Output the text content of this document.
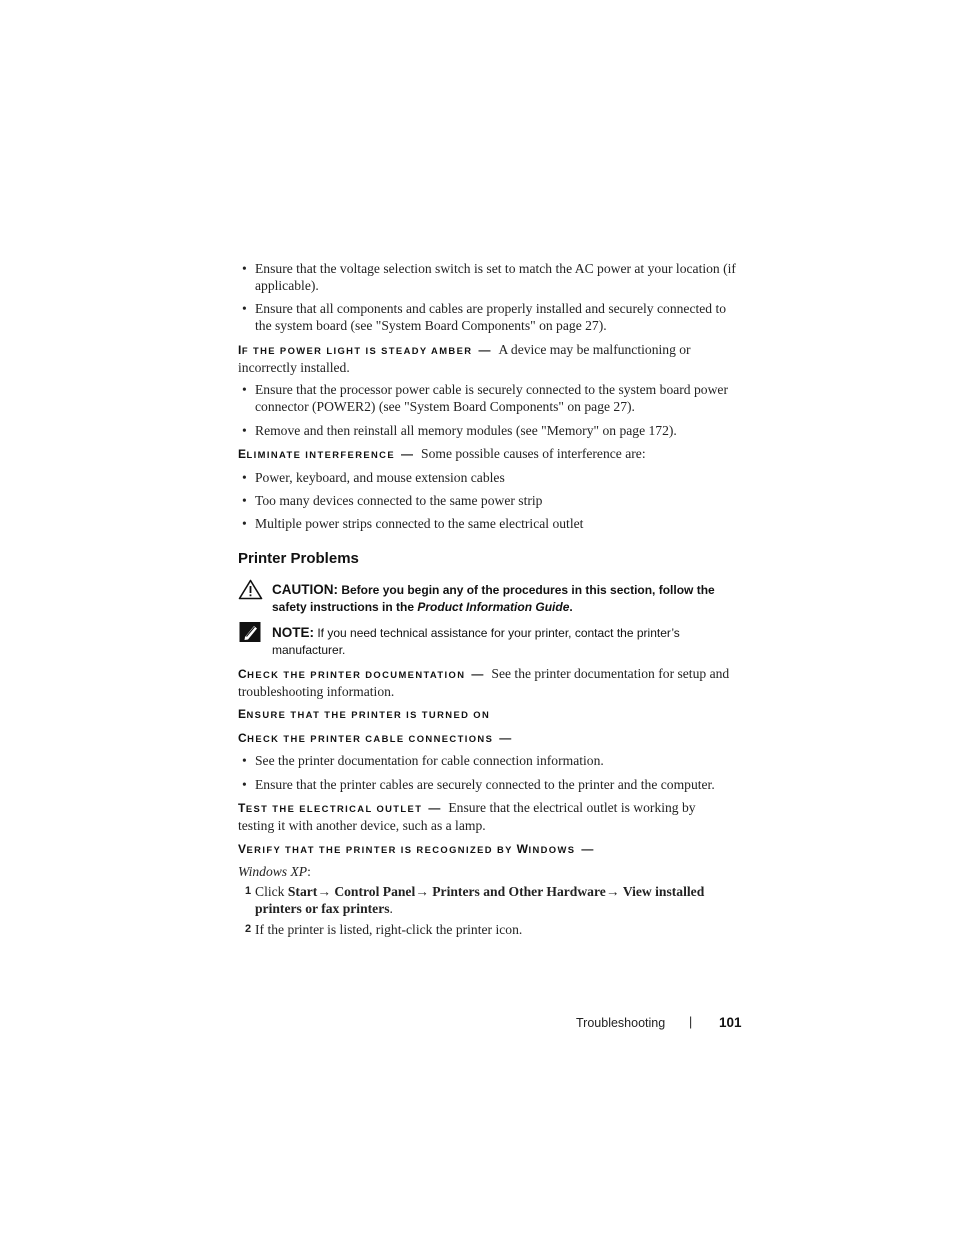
• Ensure that the voltage selection switch is set to match the AC power at your location (if applicable).
• Ensure that all components and cables are properly installed and securely connected to the system board (see "System Board Components" on page 27).
IF THE POWER LIGHT IS STEADY AMBER — A device may be malfunctioning or incorrectly installed.
• Ensure that the processor power cable is securely connected to the system board power connector (POWER2) (see "System Board Components" on page 27).
• Remove and then reinstall all memory modules (see "Memory" on page 172).
ELIMINATE INTERFERENCE — Some possible causes of interference are:
• Power, keyboard, and mouse extension cables
• Too many devices connected to the same power strip
• Multiple power strips connected to the same electrical outlet
Printer Problems
CAUTION: Before you begin any of the procedures in this section, follow the safety instructions in the Product Information Guide.
NOTE: If you need technical assistance for your printer, contact the printer’s manufacturer.
CHECK THE PRINTER DOCUMENTATION — See the printer documentation for setup and troubleshooting information.
ENSURE THAT THE PRINTER IS TURNED ON
CHECK THE PRINTER CABLE CONNECTIONS —
• See the printer documentation for cable connection information.
• Ensure that the printer cables are securely connected to the printer and the computer.
TEST THE ELECTRICAL OUTLET — Ensure that the electrical outlet is working by testing it with another device, such as a lamp.
VERIFY THAT THE PRINTER IS RECOGNIZED BY WINDOWS —
Windows XP:
1 Click Start→ Control Panel→ Printers and Other Hardware→ View installed printers or fax printers.
2 If the printer is listed, right-click the printer icon.
Troubleshooting | 101
